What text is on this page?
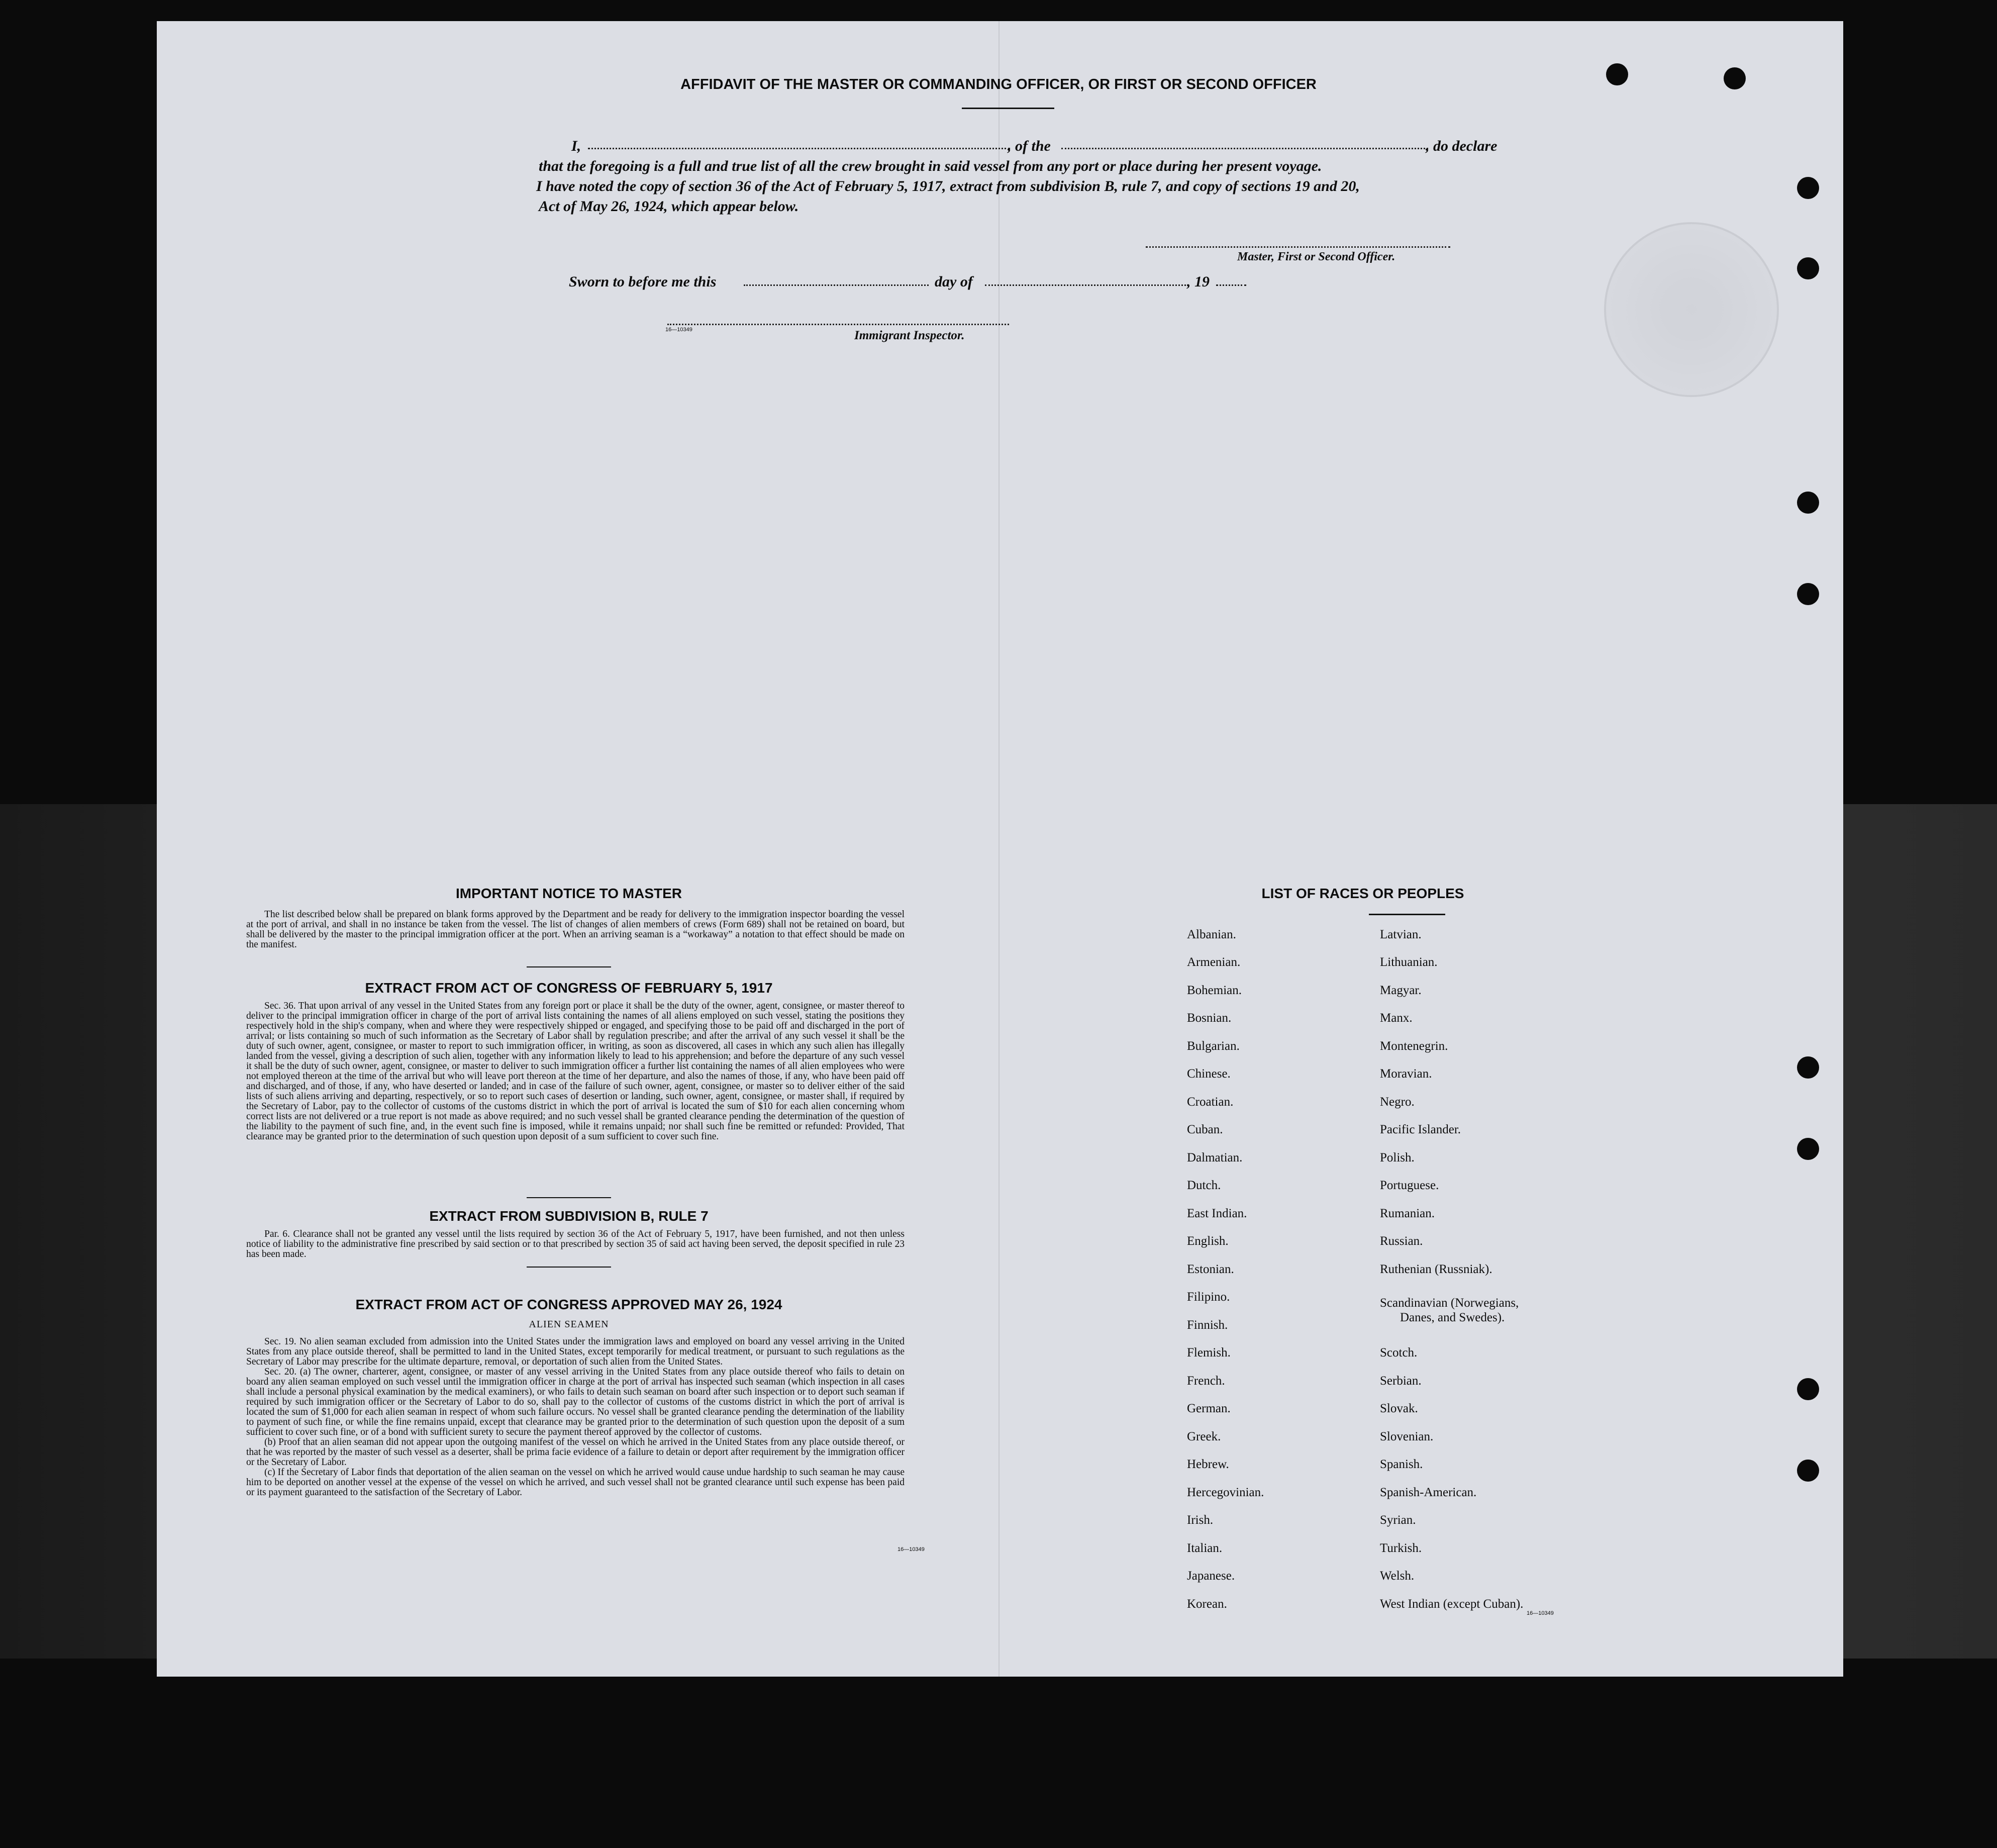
AFFIDAVIT OF THE MASTER OR COMMANDING OFFICER, OR FIRST OR SECOND OFFICER
I,	, of the	, do declare
that the foregoing is a full and true list of all the crew brought in said vessel from any port or place during her present voyage.
I have noted the copy of section 36 of the Act of February 5, 1917, extract from subdivision B, rule 7, and copy of sections 19 and 20,
Act of May 26, 1924, which appear below.
Master, First or Second Officer.
Sworn to before me this	day of	, 19
16—10349	Immigrant Inspector.
IMPORTANT NOTICE TO MASTER

The list described below shall be prepared on blank forms approved by the Department and be ready for delivery to the immigration inspector boarding the vessel at the port of arrival, and shall in no instance be taken from the vessel. The list of changes of alien members of crews (Form 689) shall not be retained on board, but shall be delivered by the master to the principal immigration officer at the port. When an arriving seaman is a “workaway” a notation to that effect should be made on the manifest.

EXTRACT FROM ACT OF CONGRESS OF FEBRUARY 5, 1917

Sec. 36. That upon arrival of any vessel in the United States from any foreign port or place it shall be the duty of the owner, agent, consignee, or master thereof to deliver to the principal immigration officer in charge of the port of arrival lists containing the names of all aliens employed on such vessel, stating the positions they respectively hold in the ship's company, when and where they were respectively shipped or engaged, and specifying those to be paid off and discharged in the port of arrival; or lists containing so much of such information as the Secretary of Labor shall by regulation prescribe; and after the arrival of any such vessel it shall be the duty of such owner, agent, consignee, or master to report to such immigration officer, in writing, as soon as discovered, all cases in which any such alien has illegally landed from the vessel, giving a description of such alien, together with any information likely to lead to his apprehension; and before the departure of any such vessel it shall be the duty of such owner, agent, consignee, or master to deliver to such immigration officer a further list containing the names of all alien employees who were not employed thereon at the time of the arrival but who will leave port thereon at the time of her departure, and also the names of those, if any, who have been paid off and discharged, and of those, if any, who have deserted or landed; and in case of the failure of such owner, agent, consignee, or master so to deliver either of the said lists of such aliens arriving and departing, respectively, or so to report such cases of desertion or landing, such owner, agent, consignee, or master shall, if required by the Secretary of Labor, pay to the collector of customs of the customs district in which the port of arrival is located the sum of $10 for each alien concerning whom correct lists are not delivered or a true report is not made as above required; and no such vessel shall be granted clearance pending the determination of the question of the liability to the payment of such fine, and, in the event such fine is imposed, while it remains unpaid; nor shall such fine be remitted or refunded: Provided, That clearance may be granted prior to the determination of such question upon deposit of a sum sufficient to cover such fine.

EXTRACT FROM SUBDIVISION B, RULE 7

Par. 6. Clearance shall not be granted any vessel until the lists required by section 36 of the Act of February 5, 1917, have been furnished, and not then unless notice of liability to the administrative fine prescribed by said section or to that prescribed by section 35 of said act having been served, the deposit specified in rule 23 has been made.

EXTRACT FROM ACT OF CONGRESS APPROVED MAY 26, 1924
ALIEN SEAMEN

Sec. 19. No alien seaman excluded from admission into the United States under the immigration laws and employed on board any vessel arriving in the United States from any place outside thereof, shall be permitted to land in the United States, except temporarily for medical treatment, or pursuant to such regulations as the Secretary of Labor may prescribe for the ultimate departure, removal, or deportation of such alien from the United States.

Sec. 20. (a) The owner, charterer, agent, consignee, or master of any vessel arriving in the United States from any place outside thereof who fails to detain on board any alien seaman employed on such vessel until the immigration officer in charge at the port of arrival has inspected such seaman (which inspection in all cases shall include a personal physical examination by the medical examiners), or who fails to detain such seaman on board after such inspection or to deport such seaman if required by such immigration officer or the Secretary of Labor to do so, shall pay to the collector of customs of the customs district in which the port of arrival is located the sum of $1,000 for each alien seaman in respect of whom such failure occurs. No vessel shall be granted clearance pending the determination of the liability to payment of such fine, or while the fine remains unpaid, except that clearance may be granted prior to the determination of such question upon the deposit of a sum sufficient to cover such fine, or of a bond with sufficient surety to secure the payment thereof approved by the collector of customs.

(b) Proof that an alien seaman did not appear upon the outgoing manifest of the vessel on which he arrived in the United States from any place outside thereof, or that he was reported by the master of such vessel as a deserter, shall be prima facie evidence of a failure to detain or deport after requirement by the immigration officer or the Secretary of Labor.

(c) If the Secretary of Labor finds that deportation of the alien seaman on the vessel on which he arrived would cause undue hardship to such seaman he may cause him to be deported on another vessel at the expense of the vessel on which he arrived, and such vessel shall not be granted clearance until such expense has been paid or its payment guaranteed to the satisfaction of the Secretary of Labor.

16—10349
LIST OF RACES OR PEOPLES
Albanian.
Armenian.
Bohemian.
Bosnian.
Bulgarian.
Chinese.
Croatian.
Cuban.
Dalmatian.
Dutch.
East Indian.
English.
Estonian.
Filipino.
Finnish.
Flemish.
French.
German.
Greek.
Hebrew.
Hercegovinian.
Irish.
Italian.
Japanese.
Korean.
Latvian.
Lithuanian.
Magyar.
Manx.
Montenegrin.
Moravian.
Negro.
Pacific Islander.
Polish.
Portuguese.
Rumanian.
Russian.
Ruthenian (Russniak).
Scandinavian (Norwegians,
Danes, and Swedes).
Scotch.
Serbian.
Slovak.
Slovenian.
Spanish.
Spanish-American.
Syrian.
Turkish.
Welsh.
West Indian (except Cuban).
16—10349
